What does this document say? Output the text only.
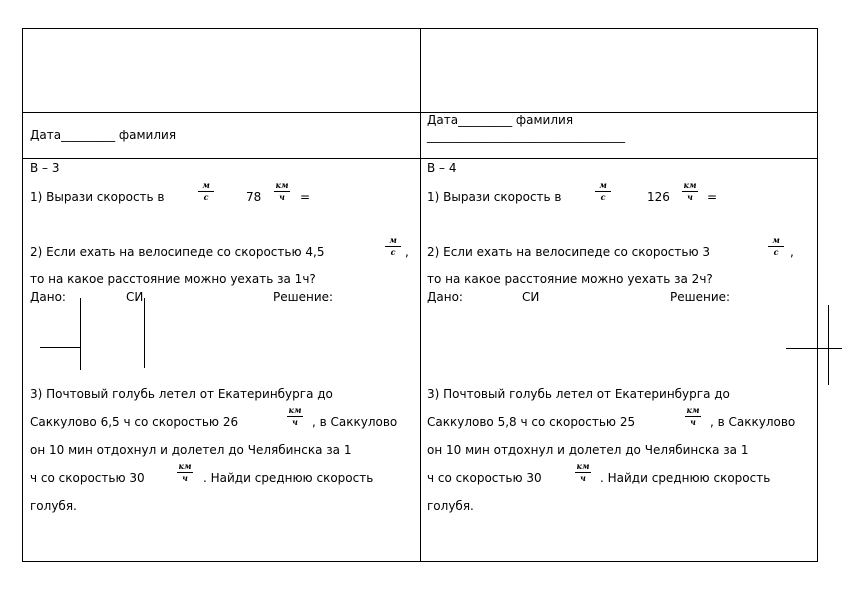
Дата_________ фамилия
В – 3
1) Вырази скорость в
м
с	78
км
ч	=
2) Если ехать на велосипеде со скоростью 4,5
м
с ,
то на какое расстояние можно уехать за 1ч?
Дано:	СИ	Решение:
3) Почтовый голубь летел от Екатеринбурга до
Саккулово 6,5 ч со скоростью 26
км
ч	, в Саккулово
он 10 мин отдохнул и долетел до Челябинска за 1
ч со скоростью 30
км
ч	. Найди среднюю скорость
голубя.
Дата_________ фамилия
_________________________________
В – 4
1) Вырази скорость в
м
с	126
км
ч	=
2) Если ехать на велосипеде со скоростью 3
м
с ,
то на какое расстояние можно уехать за 2ч?
Дано:	СИ	Решение:
3) Почтовый голубь летел от Екатеринбурга до
Саккулово 5,8 ч со скоростью 25
км
ч	, в Саккулово
он 10 мин отдохнул и долетел до Челябинска за 1
ч со скоростью 30
км
ч	. Найди среднюю скорость
голубя.
